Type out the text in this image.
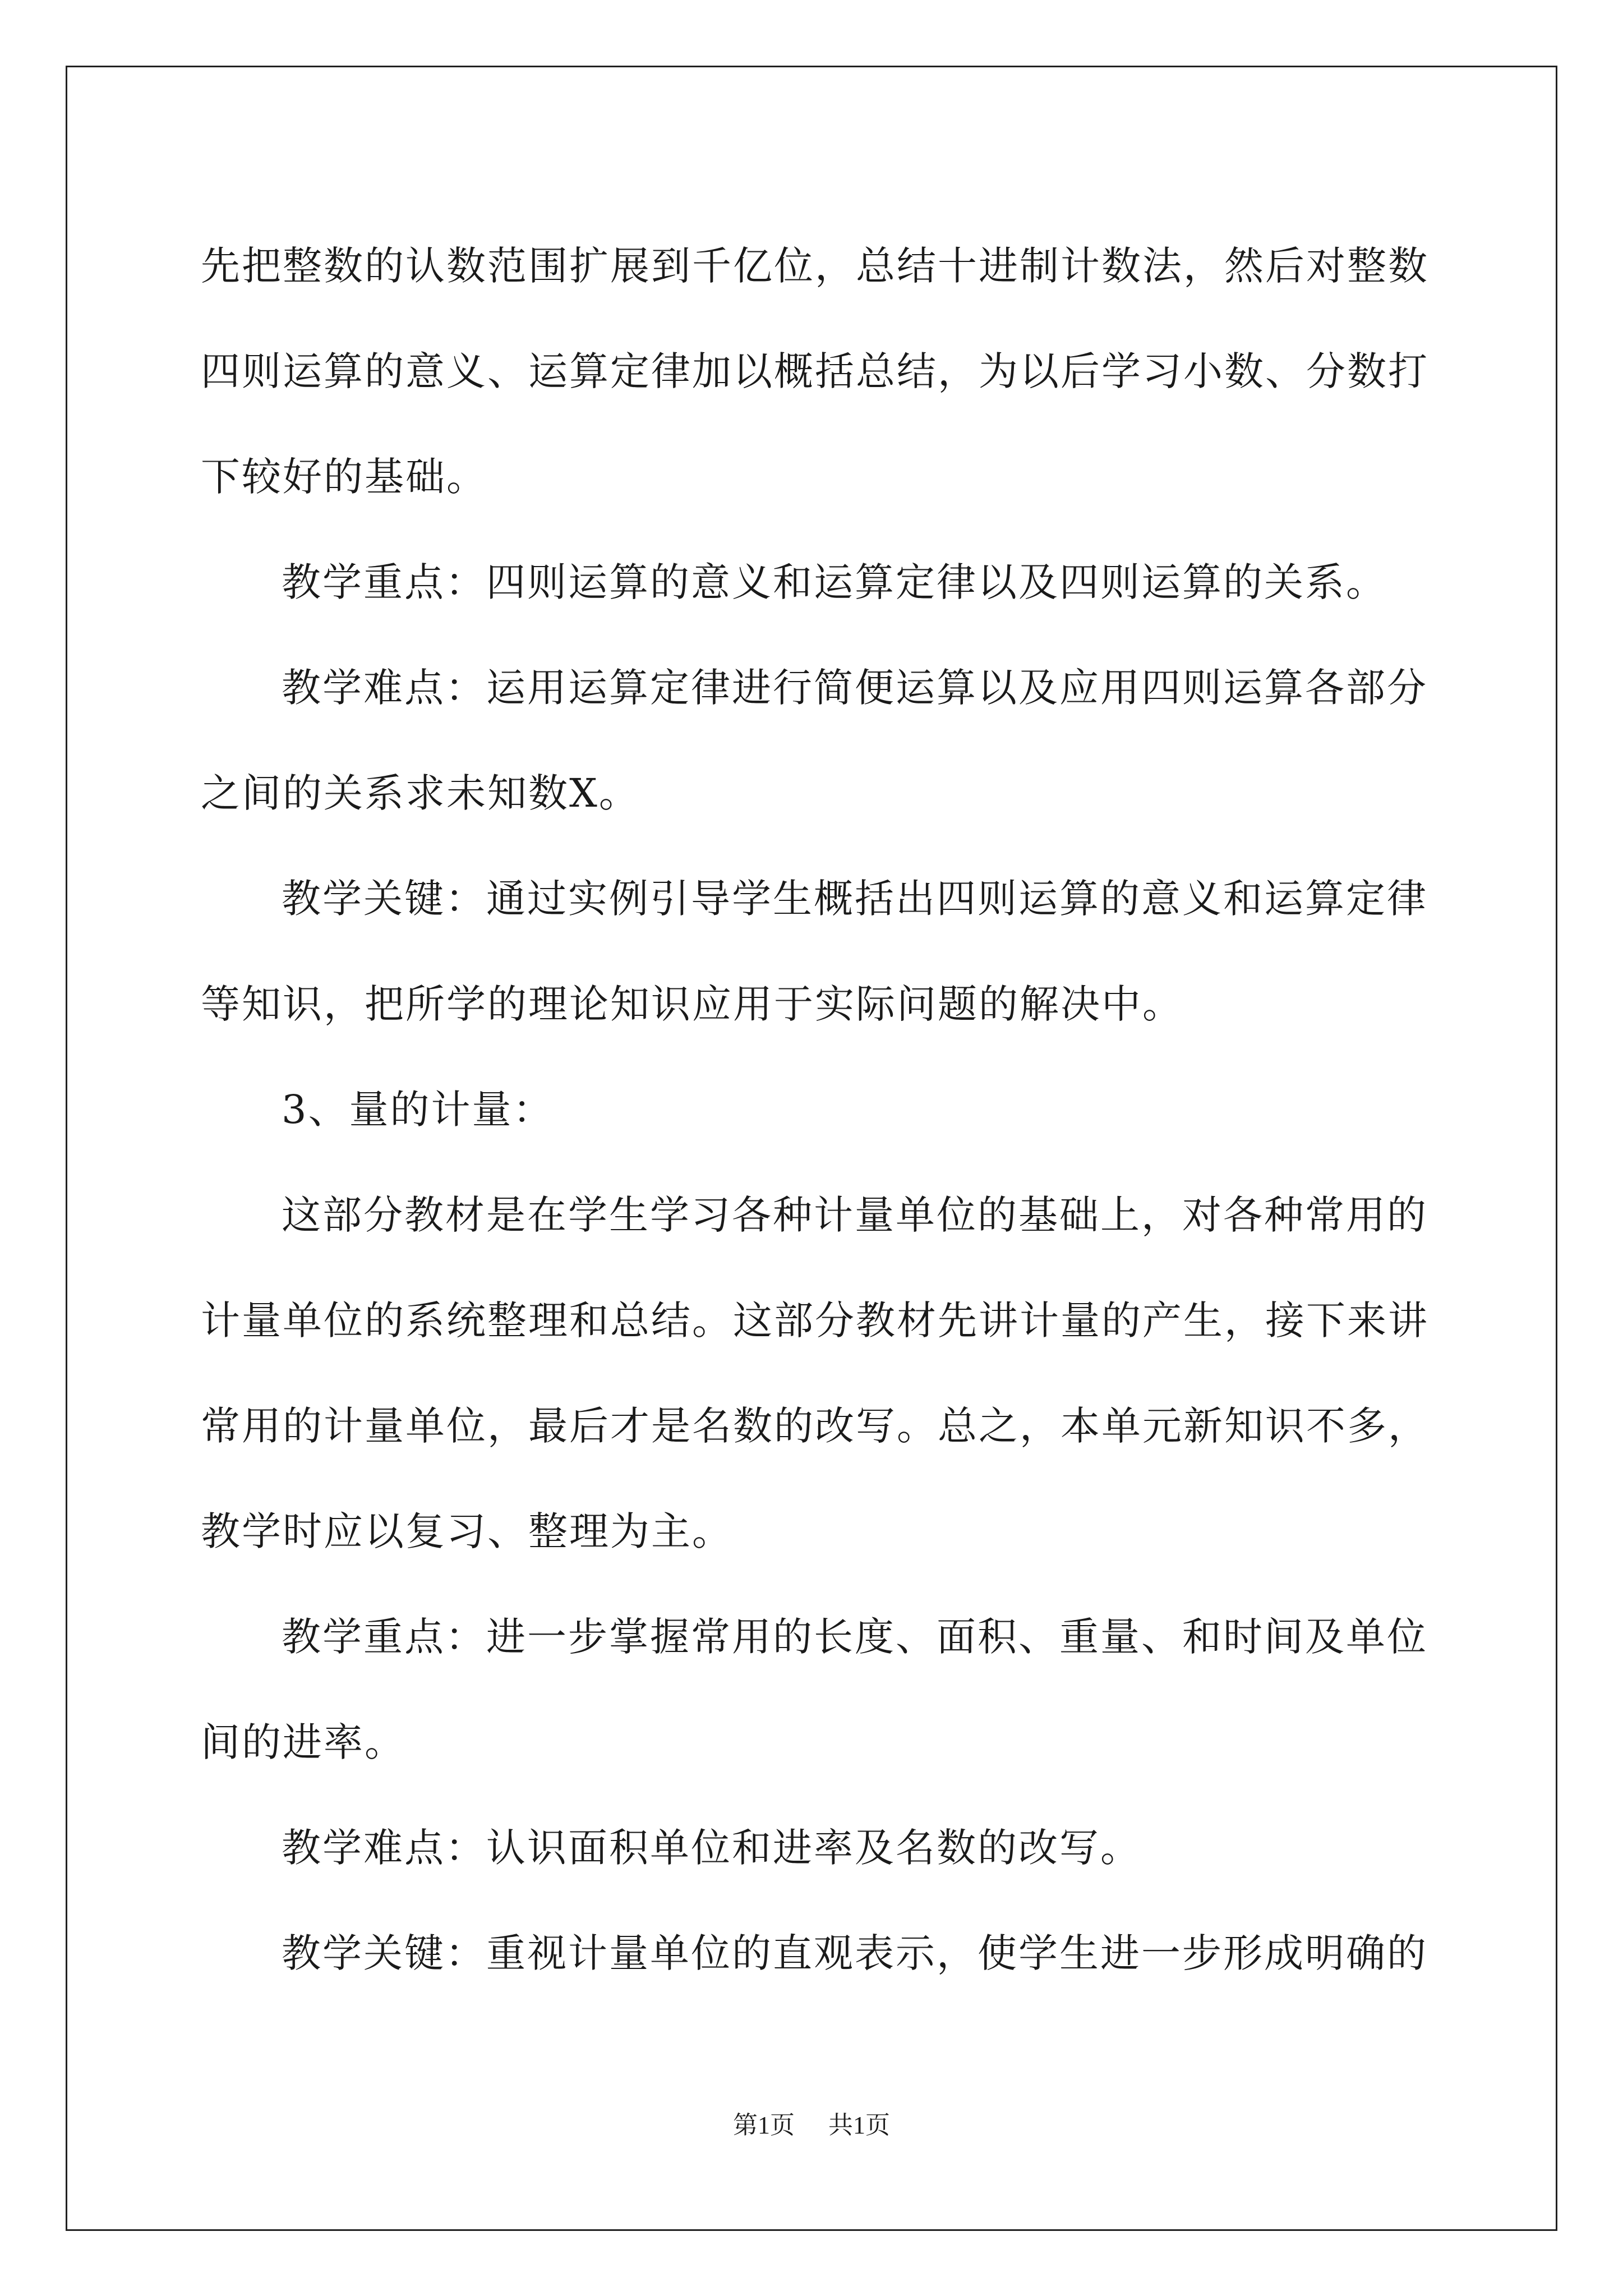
先把整数的认数范围扩展到千亿位，总结十进制计数法，然后对整数
四则运算的意义、运算定律加以概括总结，为以后学习小数、分数打
下较好的基础。
教学重点：四则运算的意义和运算定律以及四则运算的关系。
教学难点：运用运算定律进行简便运算以及应用四则运算各部分
之间的关系求未知数X。
教学关键：通过实例引导学生概括出四则运算的意义和运算定律
等知识，把所学的理论知识应用于实际问题的解决中。
3、量的计量：
这部分教材是在学生学习各种计量单位的基础上，对各种常用的
计量单位的系统整理和总结。这部分教材先讲计量的产生，接下来讲
常用的计量单位，最后才是名数的改写。总之，本单元新知识不多，
教学时应以复习、整理为主。
教学重点：进一步掌握常用的长度、面积、重量、和时间及单位
间的进率。
教学难点：认识面积单位和进率及名数的改写。
教学关键：重视计量单位的直观表示，使学生进一步形成明确的
第1页 共1页
